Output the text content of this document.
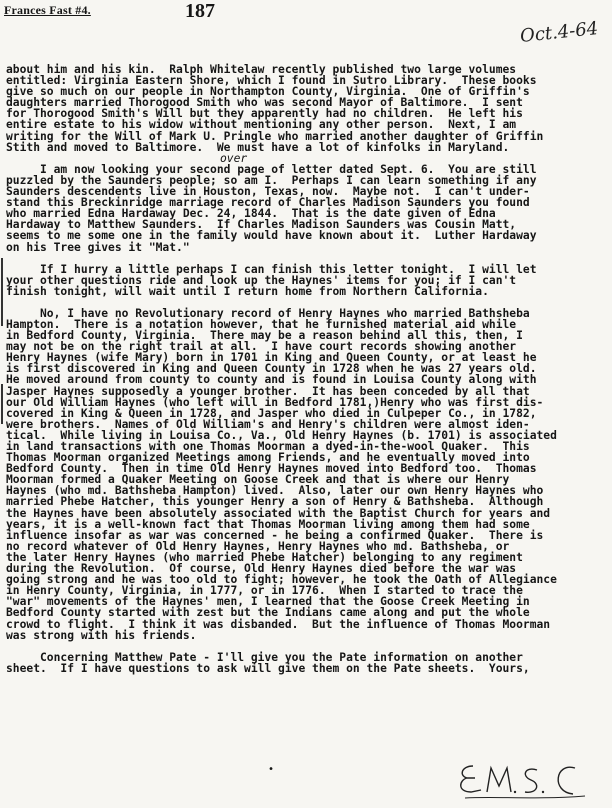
Frances Fast #4.	187
Oct.4-64
about him and his kin.  Ralph Whitelaw recently published two large volumes
entitled: Virginia Eastern Shore, which I found in Sutro Library.  These books
give so much on our people in Northampton County, Virginia.  One of Griffin's
daughters married Thorogood Smith who was second Mayor of Baltimore.  I sent
for Thorogood Smith's Will but they apparently had no children.  He left his
entire estate to his widow without mentioning any other person.  Next, I am
writing for the Will of Mark U. Pringle who married another daughter of Griffin
Stith and moved to Baltimore.  We must have a lot of kinfolks in Maryland.
over
I am now looking your second page of letter dated Sept. 6.  You are still
puzzled by the Saunders people; so am I.  Perhaps I can learn something if any
Saunders descendents live in Houston, Texas, now.  Maybe not.  I can't under-
stand this Breckinridge marriage record of Charles Madison Saunders you found
who married Edna Hardaway Dec. 24, 1844.  That is the date given of Edna
Hardaway to Matthew Saunders.  If Charles Madison Saunders was Cousin Matt,
seems to me some one in the family would have known about it.  Luther Hardaway
on his Tree gives it "Mat."
If I hurry a little perhaps I can finish this letter tonight.  I will let
your other questions ride and look up the Haynes' items for you; if I can't
finish tonight, will wait until I return home from Northern California.
No, I have no Revolutionary record of Henry Haynes who married Bathsheba
Hampton.  There is a notation however, that he furnished material aid while
in Bedford County, Virginia.  There may be a reason behind all this, then, I
may not be on the right trail at all.  I have court records showing another
Henry Haynes (wife Mary) born in 1701 in King and Queen County, or at least he
is first discovered in King and Queen County in 1728 when he was 27 years old.
He moved around from county to county and is found in Louisa County along with
Jasper Haynes supposedly a younger brother.  It has been conceded by all that
our Old William Haynes (who left will in Bedford 1781,)Henry who was first dis-
covered in King & Queen in 1728, and Jasper who died in Culpeper Co., in 1782,
were brothers.  Names of Old William's and Henry's children were almost iden-
tical.  While living in Louisa Co., Va., Old Henry Haynes (b. 1701) is associated
in land transactions with one Thomas Moorman a dyed-in-the-wool Quaker.  This
Thomas Moorman organized Meetings among Friends, and he eventually moved into
Bedford County.  Then in time Old Henry Haynes moved into Bedford too.  Thomas
Moorman formed a Quaker Meeting on Goose Creek and that is where our Henry
Haynes (who md. Bathsheba Hampton) lived.  Also, later our own Henry Haynes who
married Phebe Hatcher, this younger Henry a son of Henry & Bathsheba.  Although
the Haynes have been absolutely associated with the Baptist Church for years and
years, it is a well-known fact that Thomas Moorman living among them had some
influence insofar as war was concerned - he being a confirmed Quaker.  There is
no record whatever of Old Henry Haynes, Henry Haynes who md. Bathsheba, or
the later Henry Haynes (who married Phebe Hatcher) belonging to any regiment
during the Revolution.  Of course, Old Henry Haynes died before the war was
going strong and he was too old to fight; however, he took the Oath of Allegiance
in Henry County, Virginia, in 1777, or in 1776.  When I started to trace the
"war" movements of the Haynes' men, I learned that the Goose Creek Meeting in
Bedford County started with zest but the Indians came along and put the whole
crowd to flight.  I think it was disbanded.  But the influence of Thomas Moorman
was strong with his friends.
Concerning Matthew Pate - I'll give you the Pate information on another
sheet.  If I have questions to ask will give them on the Pate sheets.  Yours,
•
